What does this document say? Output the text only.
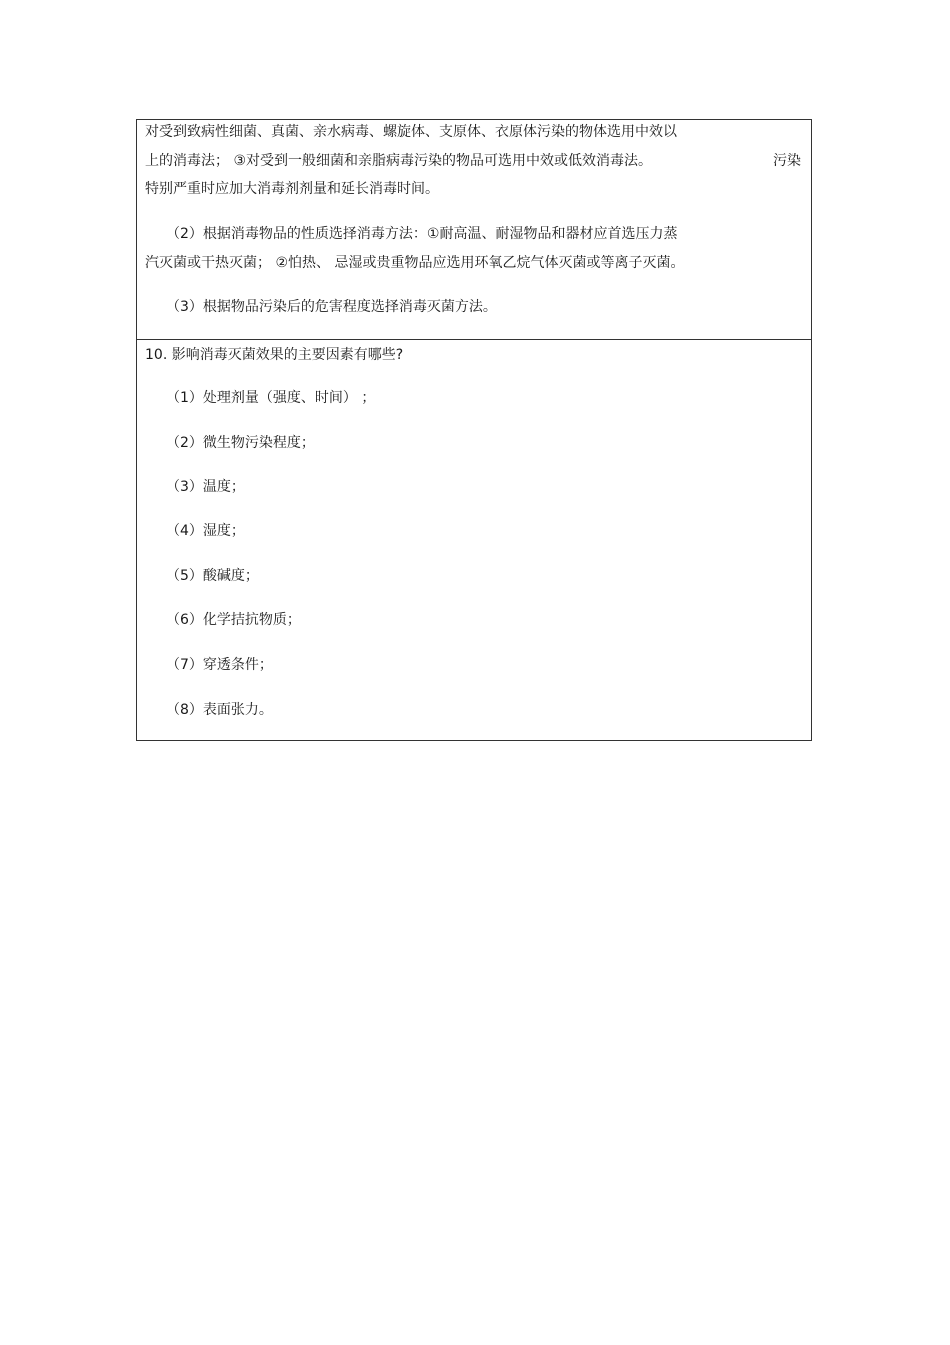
对受到致病性细菌、真菌、亲水病毒、螺旋体、支原体、衣原体污染的物体选用中效以

上的消毒法； ③对受到一般细菌和亲脂病毒污染的物品可选用中效或低效消毒法。	污染

特别严重时应加大消毒剂剂量和延长消毒时间。

（2）根据消毒物品的性质选择消毒方法：①耐高温、耐湿物品和器材应首选压力蒸

汽灭菌或干热灭菌； ②怕热、 忌湿或贵重物品应选用环氧乙烷气体灭菌或等离子灭菌。

（3）根据物品污染后的危害程度选择消毒灭菌方法。

10. 影响消毒灭菌效果的主要因素有哪些?

（1）处理剂量（强度、时间） ；

（2）微生物污染程度；

（3）温度；

（4）湿度；

（5）酸碱度；

（6）化学拮抗物质；

（7）穿透条件；

（8）表面张力。
